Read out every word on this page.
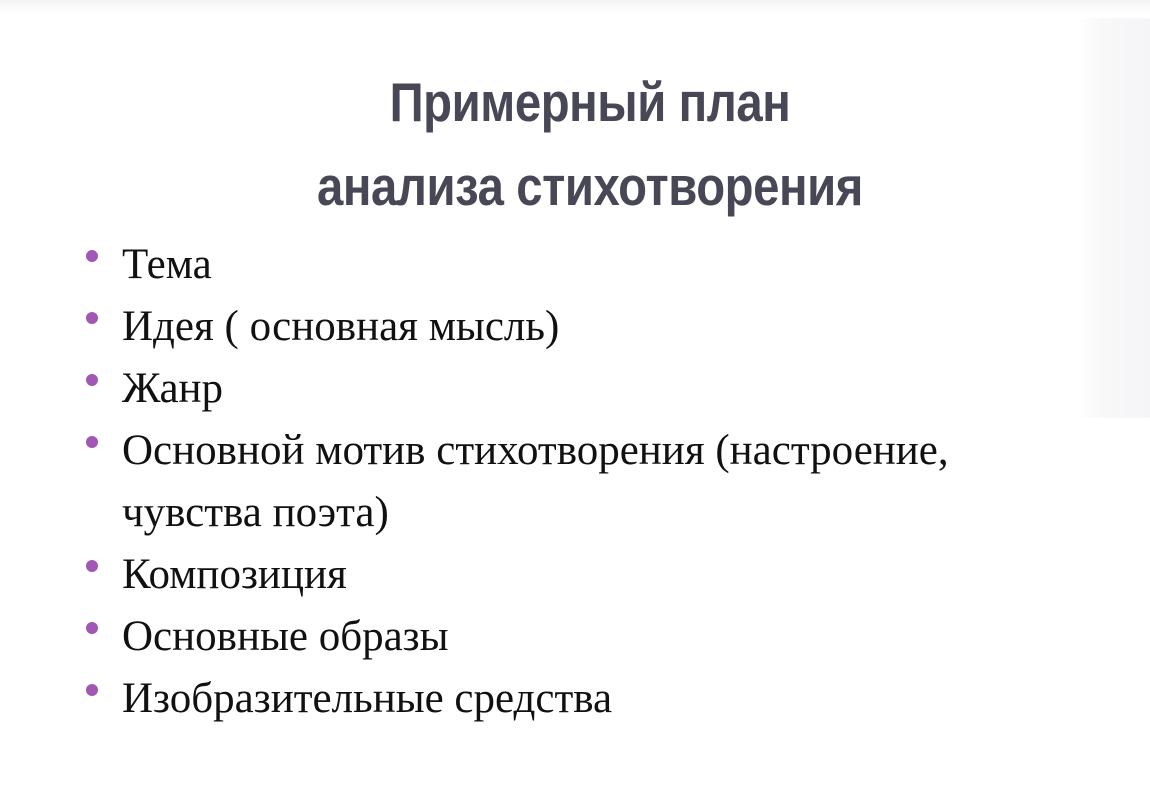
Примерный план
анализа стихотворения
Тема
Идея ( основная мысль)
Жанр
Основной мотив стихотворения (настроение, чувства поэта)
Композиция
Основные образы
Изобразительные средства
